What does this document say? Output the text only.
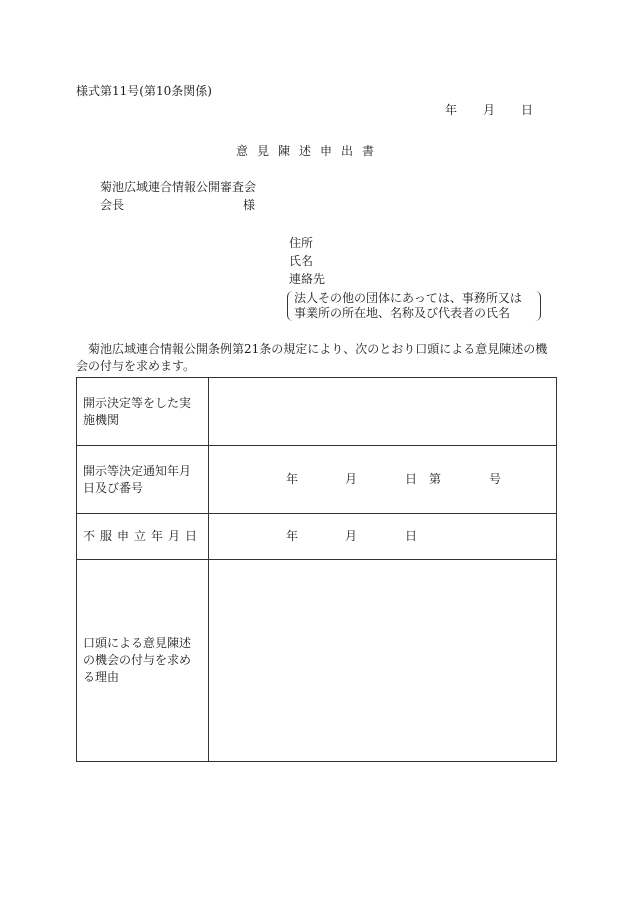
様式第11号(第10条関係)
年 月 日
意見陳述申出書
菊池広域連合情報公開審査会
会長	様
住所
氏名
連絡先
法人その他の団体にあっては、事務所又は
事業所の所在地、名称及び代表者の氏名
菊池広域連合情報公開条例第21条の規定により、次のとおり口頭による意見陳述の機会の付与を求めます。
開示決定等をした実施機関	
開示等決定通知年月日及び番号	年 月 日 第 号

不服申立年月日	年 月 日

口頭による意見陳述の機会の付与を求める理由	
